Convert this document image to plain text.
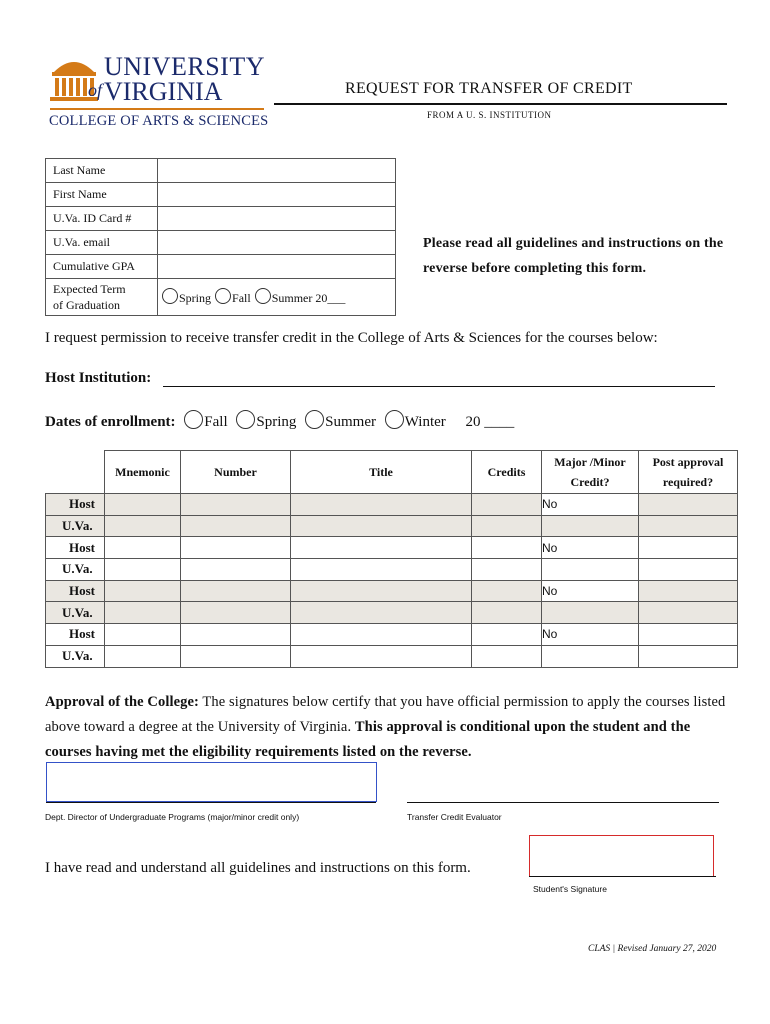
UNIVERSITY
of VIRGINIA
COLLEGE OF ARTS & SCIENCES
REQUEST FOR TRANSFER OF CREDIT
FROM A U. S. INSTITUTION
Last Name	
First Name	
U.Va. ID Card #	
U.Va. email	
Cumulative GPA	

Expected Term
of Graduation	Spring Fall Summer 20___
Please read all guidelines and instructions on the reverse before completing this form.
I request permission to receive transfer credit in the College of Arts & Sciences for the courses below:
Host Institution:
Dates of enrollment: Fall Spring Summer Winter 20 ____
	Mnemonic	Number	Title	Credits	Major /Minor Credit?	Post approval required?
Host					No	
U.Va.						
Host					No	
U.Va.						
Host					No	
U.Va.						
Host					No	
U.Va.						
Approval of the College: The signatures below certify that you have official permission to apply the courses listed above toward a degree at the University of Virginia. This approval is conditional upon the student and the courses having met the eligibility requirements listed on the reverse.
Dept. Director of Undergraduate Programs (major/minor credit only)	Transfer Credit Evaluator
I have read and understand all guidelines and instructions on this form.
Student's Signature
CLAS | Revised January 27, 2020
